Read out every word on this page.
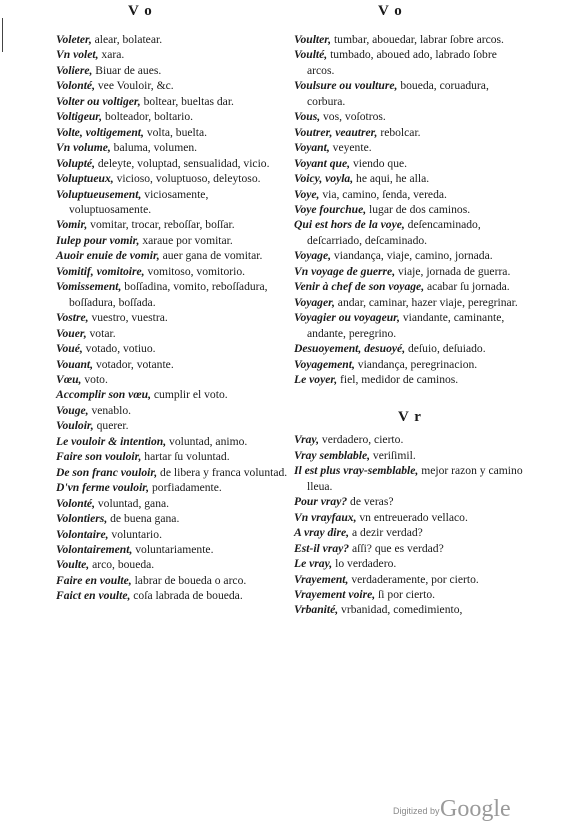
V o	V o
Voleter, alear, bolatear.
Vn volet, xara.
Voliere, Biuar de aues.
Volonté, vee Vouloir, &c.
Volter ou voltiger, boltear, bueltas dar.
Voltigeur, bolteador, boltario.
Volte, voltigement, volta, buelta.
Vn volume, baluma, volumen.
Volupté, deleyte, voluptad, sensualidad, vicio.
Voluptueux, vicioso, voluptuoso, deleytoso.
Voluptueusement, viciosamente, voluptuosamente.
Vomir, vomitar, trocar, reboſſar, boſſar.
Iulep pour vomir, xaraue por vomitar.
Auoir enuie de vomir, auer gana de vomitar.
Vomitif, vomitoire, vomitoso, vomitorio.
Vomissement, boſſadina, vomito, reboſſadura, boſſadura, boſſada.
Vostre, vuestro, vuestra.
Vouer, votar.
Voué, votado, votiuo.
Vouant, votador, votante.
Vœu, voto.
Accomplir son vœu, cumplir el voto.
Vouge, venablo.
Vouloir, querer.
Le vouloir & intention, voluntad, animo.
Faire son vouloir, hartar ſu voluntad.
De son franc vouloir, de libera y franca voluntad.
D'vn ferme vouloir, porfiadamente.
Volonté, voluntad, gana.
Volontiers, de buena gana.
Volontaire, voluntario.
Volontairement, voluntariamente.
Voulte, arco, boueda.
Faire en voulte, labrar de boueda o arco.
Faict en voulte, coſa labrada de boueda.
Voulter, tumbar, abouedar, labrar ſobre arcos.
Voulté, tumbado, aboued ado, labrado ſobre arcos.
Voulsure ou voulture, boueda, coruadura, corbura.
Vous, vos, voſotros.
Voutrer, veautrer, rebolcar.
Voyant, veyente.
Voyant que, viendo que.
Voicy, voyla, he aqui, he alla.
Voye, via, camino, ſenda, vereda.
Voye fourchue, lugar de dos caminos.
Qui est hors de la voye, deſencaminado, deſcarriado, deſcaminado.
Voyage, viandança, viaje, camino, jornada.
Vn voyage de guerre, viaje, jornada de guerra.
Venir à chef de son voyage, acabar ſu jornada.
Voyager, andar, caminar, hazer viaje, peregrinar.
Voyagier ou voyageur, viandante, caminante, andante, peregrino.
Desuoyement, desuoyé, deſuio, deſuiado.
Voyagement, viandança, peregrinacion.
Le voyer, fiel, medidor de caminos.
V r
Vray, verdadero, cierto.
Vray semblable, veriſimil.
Il est plus vray-semblable, mejor razon y camino lleua.
Pour vray? de veras?
Vn vrayfaux, vn entreuerado vellaco.
A vray dire, a dezir verdad?
Est-il vray? aſſi? que es verdad?
Le vray, lo verdadero.
Vrayement, verdaderamente, por cierto.
Vrayement voire, ſi por cierto.
Vrbanité, vrbanidad, comedimiento,
Digitized by Google
